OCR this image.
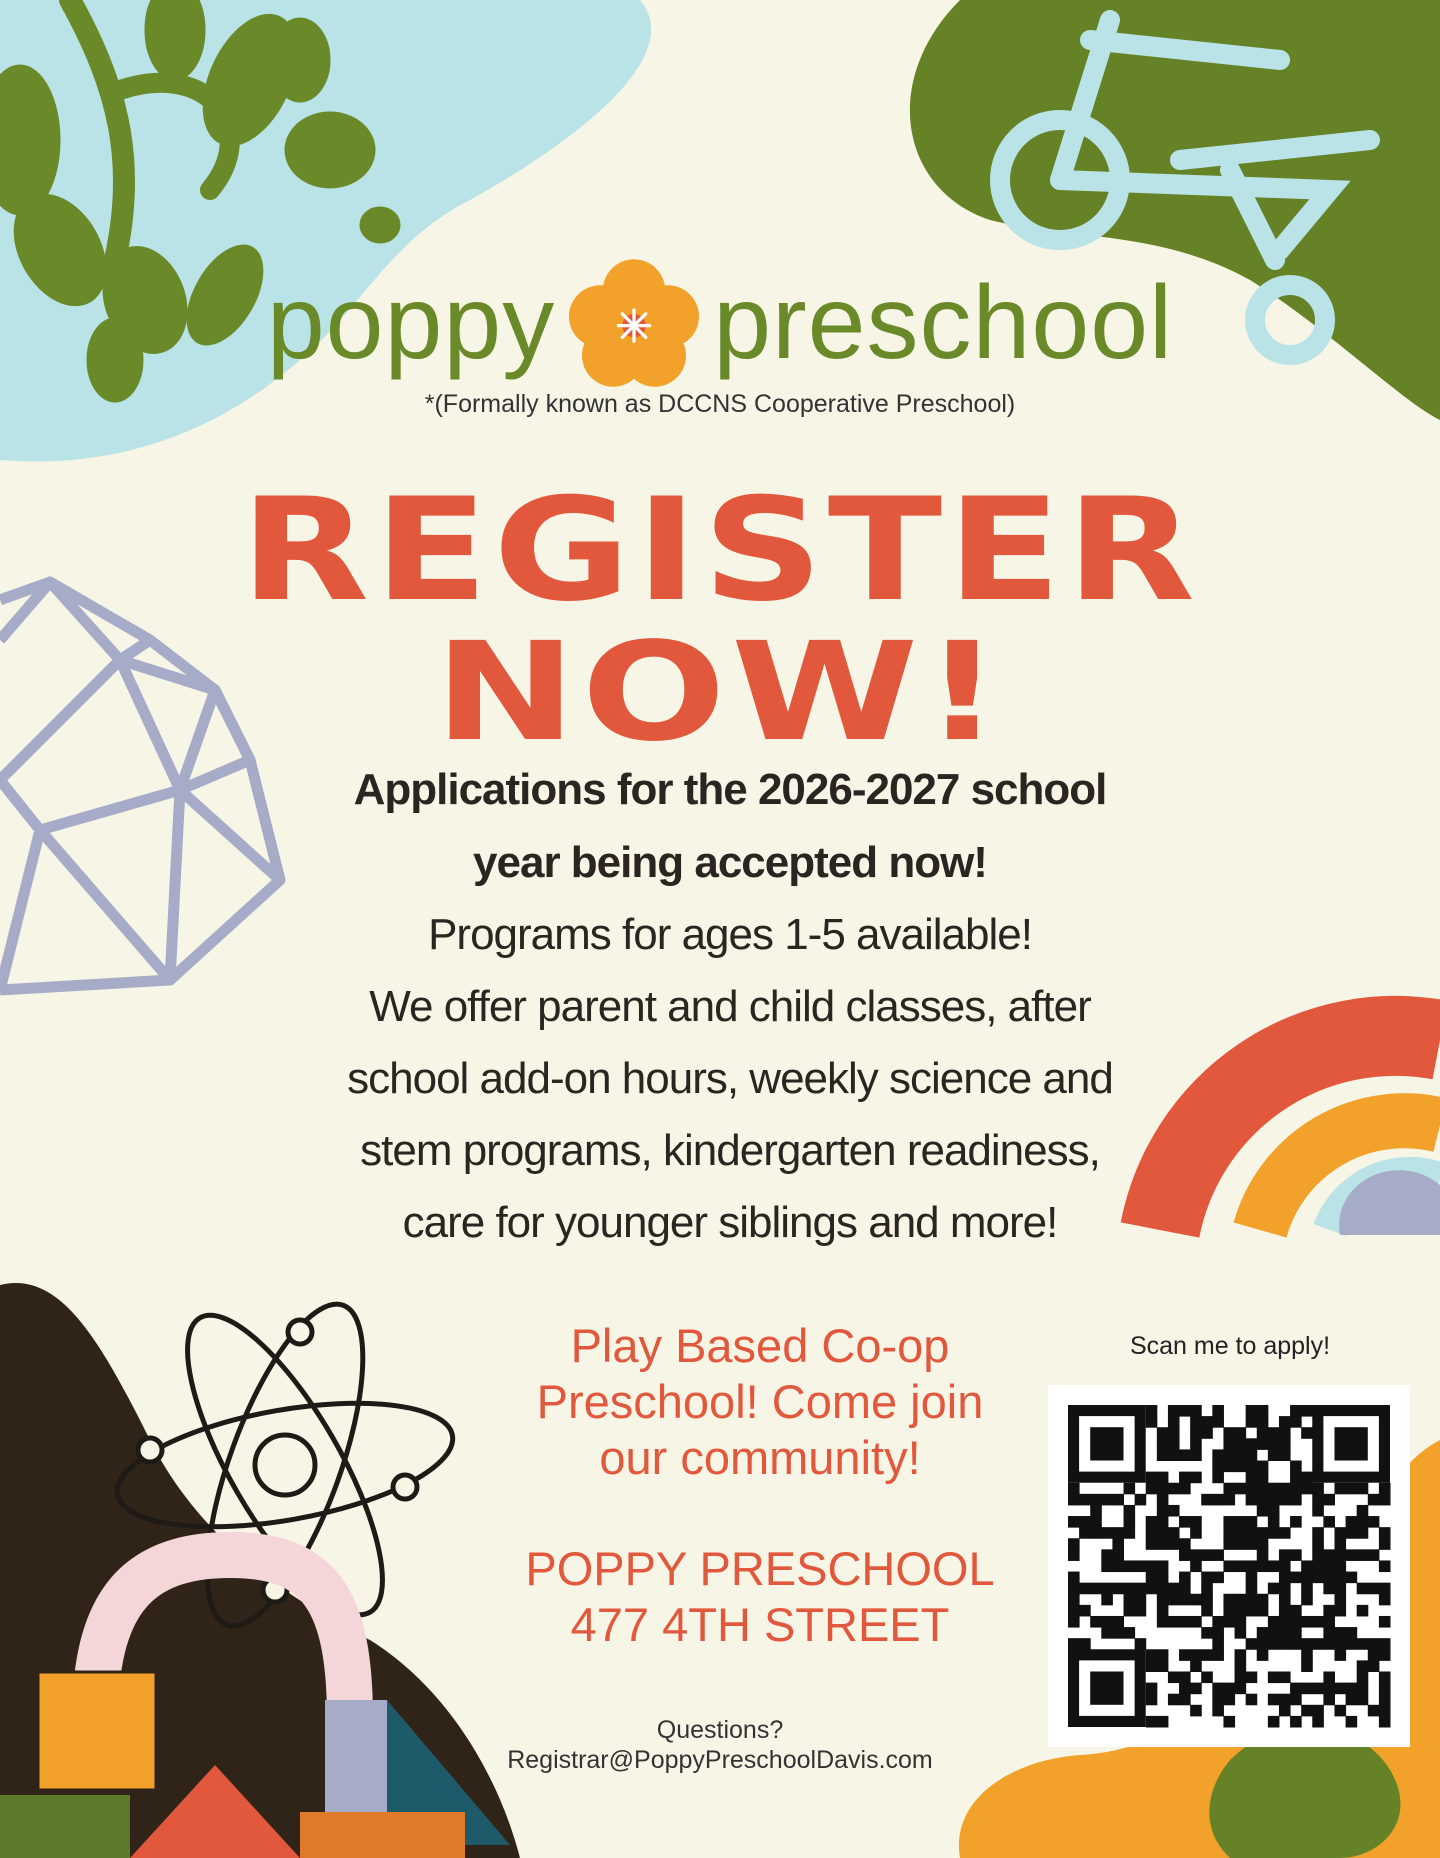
poppy preschool

*(Formally known as DCCNS Cooperative Preschool)

REGISTER
NOW!

Applications for the 2026-2027 school

year being accepted now!

Programs for ages 1-5 available!

We offer parent and child classes, after

school add-on hours, weekly science and

stem programs, kindergarten readiness,

care for younger siblings and more!

Play Based Co-op

Preschool! Come join

our community!

POPPY PRESCHOOL

477 4TH STREET

Scan me to apply!

Questions?

Registrar@PoppyPreschoolDavis.com
